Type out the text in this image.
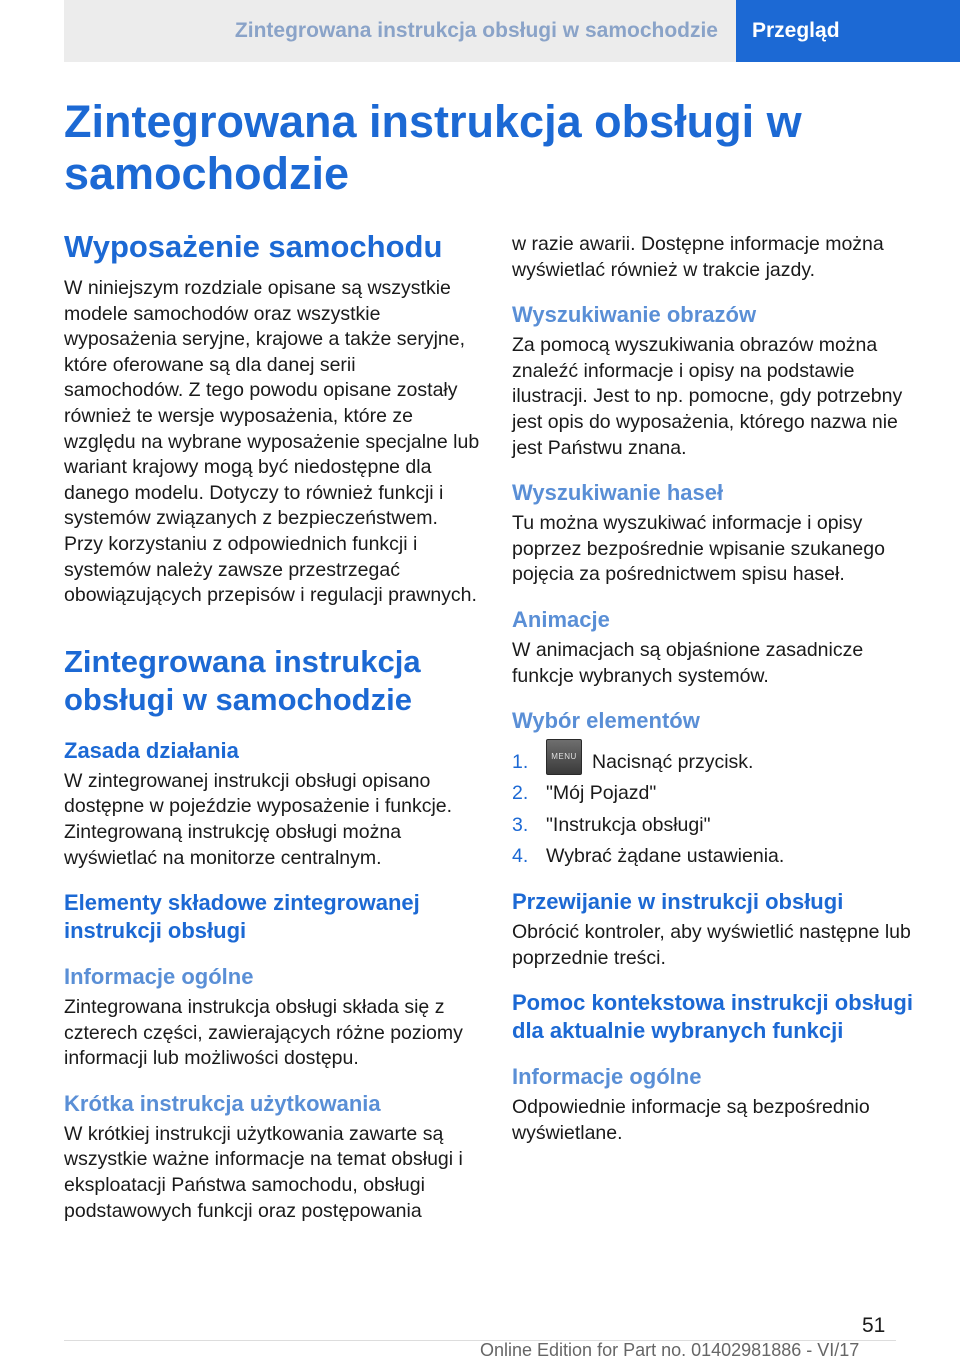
Zintegrowana instrukcja obsługi w samochodzie	Przegląd
Zintegrowana instrukcja obsługi w samochodzie
Wyposażenie samochodu

W niniejszym rozdziale opisane są wszystkie modele samochodów oraz wszystkie wyposażenia seryjne, krajowe a także seryjne, które oferowane są dla danej serii samochodów. Z tego powodu opisane zostały również te wersje wyposażenia, które ze względu na wybrane wyposażenie specjalne lub wariant krajowy mogą być niedostępne dla danego modelu. Dotyczy to również funkcji i systemów związanych z bezpieczeństwem. Przy korzystaniu z odpowiednich funkcji i systemów należy zawsze przestrzegać obowiązujących przepisów i regulacji prawnych.

Zintegrowana instrukcja obsługi w samochodzie
Zasada działania

W zintegrowanej instrukcji obsługi opisano dostępne w pojeździe wyposażenie i funkcje. Zintegrowaną instrukcję obsługi można wyświetlać na monitorze centralnym.

Elementy składowe zintegrowanej instrukcji obsługi
Informacje ogólne

Zintegrowana instrukcja obsługi składa się z czterech części, zawierających różne poziomy informacji lub możliwości dostępu.

Krótka instrukcja użytkowania

W krótkiej instrukcji użytkowania zawarte są wszystkie ważne informacje na temat obsługi i eksploatacji Państwa samochodu, obsługi podstawowych funkcji oraz postępowania

w razie awarii. Dostępne informacje można wyświetlać również w trakcie jazdy.

Wyszukiwanie obrazów

Za pomocą wyszukiwania obrazów można znaleźć informacje i opisy na podstawie ilustracji. Jest to np. pomocne, gdy potrzebny jest opis do wyposażenia, którego nazwa nie jest Państwu znana.

Wyszukiwanie haseł

Tu można wyszukiwać informacje i opisy poprzez bezpośrednie wpisanie szukanego pojęcia za pośrednictwem spisu haseł.

Animacje

W animacjach są objaśnione zasadnicze funkcje wybranych systemów.

Wybór elementów
1.	MENU Nacisnąć przycisk.
2. "Mój Pojazd"
3. "Instrukcja obsługi"
4. Wybrać żądane ustawienia.
Przewijanie w instrukcji obsługi

Obrócić kontroler, aby wyświetlić następne lub poprzednie treści.

Pomoc kontekstowa instrukcji obsługi dla aktualnie wybranych funkcji
Informacje ogólne

Odpowiednie informacje są bezpośrednio wyświetlane.

51
Online Edition for Part no. 01402981886 - VI/17
